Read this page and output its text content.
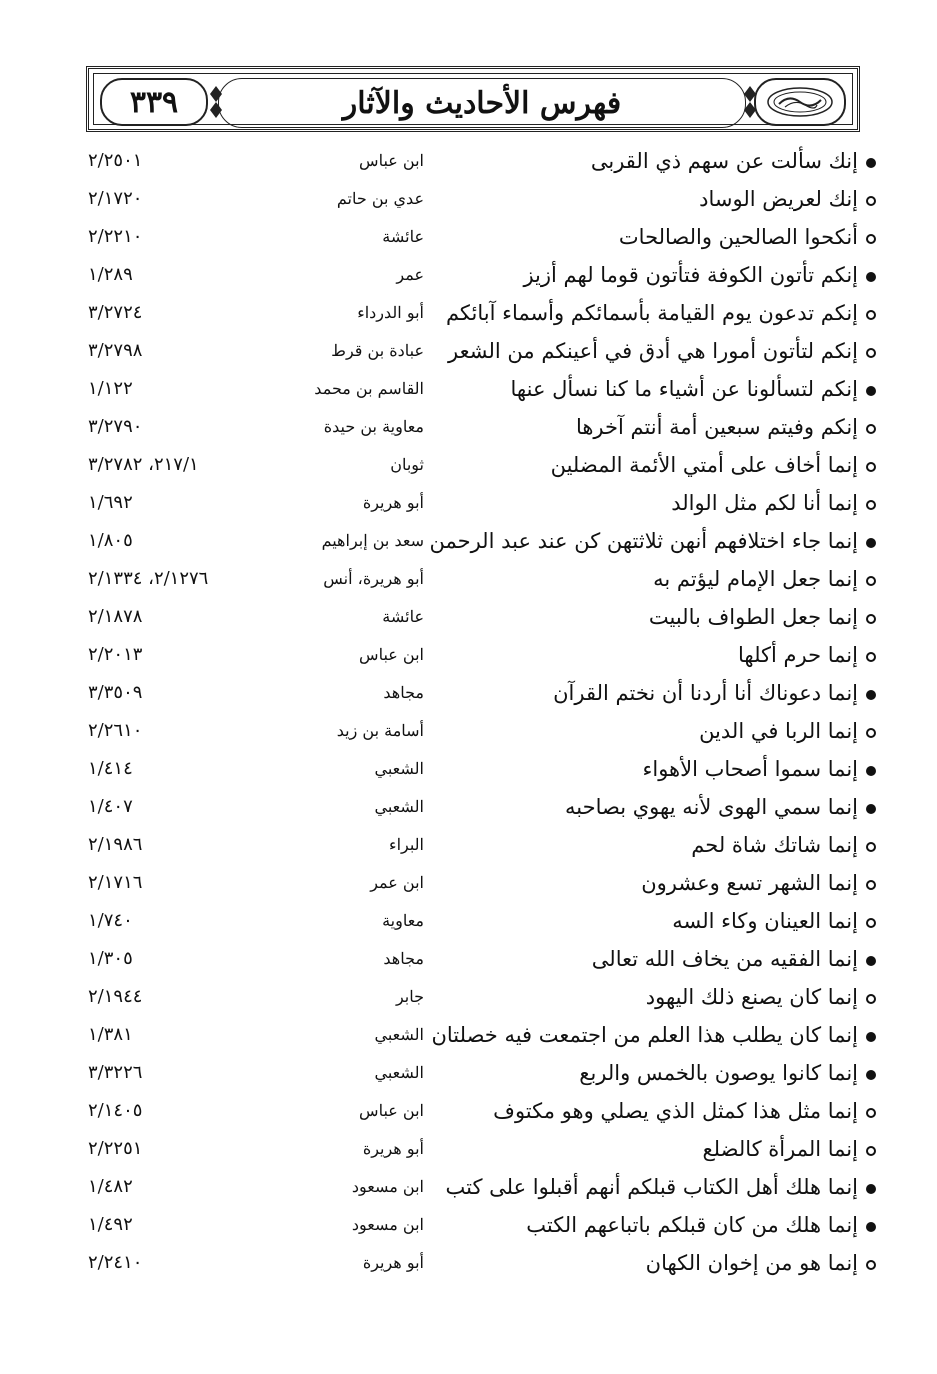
٣٣٩	فهرس الأحاديث والآثار
إنك سألت عن سهم ذي القربى
ابن عباس
٢/٢٥٠١
إنك لعريض الوساد
عدي بن حاتم
٢/١٧٢٠
أنكحوا الصالحين والصالحات
عائشة
٢/٢٢١٠
إنكم تأتون الكوفة فتأتون قوما لهم أزيز
عمر
١/٢٨٩
إنكم تدعون يوم القيامة بأسمائكم وأسماء آبائكم
أبو الدرداء
٣/٢٧٢٤
إنكم لتأتون أمورا هي أدق في أعينكم من الشعر
عبادة بن قرط
٣/٢٧٩٨
إنكم لتسألونا عن أشياء ما كنا نسأل عنها
القاسم بن محمد
١/١٢٢
إنكم وفيتم سبعين أمة أنتم آخرها
معاوية بن حيدة
٣/٢٧٩٠
إنما أخاف على أمتي الأئمة المضلين
ثوبان
٢١٧/١، ٣/٢٧٨٢
إنما أنا لكم مثل الوالد
أبو هريرة
١/٦٩٢
إنما جاء اختلافهم أنهن ثلاثتهن كن عند عبد الرحمن
سعد بن إبراهيم
١/٨٠٥
إنما جعل الإمام ليؤتم به
أبو هريرة، أنس
٢/١٢٧٦، ٢/١٣٣٤
إنما جعل الطواف بالبيت
عائشة
٢/١٨٧٨
إنما حرم أكلها
ابن عباس
٢/٢٠١٣
إنما دعوناك أنا أردنا أن نختم القرآن
مجاهد
٣/٣٥٠٩
إنما الربا في الدين
أسامة بن زيد
٢/٢٦١٠
إنما سموا أصحاب الأهواء
الشعبي
١/٤١٤
إنما سمي الهوى لأنه يهوي بصاحبه
الشعبي
١/٤٠٧
إنما شاتك شاة لحم
البراء
٢/١٩٨٦
إنما الشهر تسع وعشرون
ابن عمر
٢/١٧١٦
إنما العينان وكاء السه
معاوية
١/٧٤٠
إنما الفقيه من يخاف الله تعالى
مجاهد
١/٣٠٥
إنما كان يصنع ذلك اليهود
جابر
٢/١٩٤٤
إنما كان يطلب هذا العلم من اجتمعت فيه خصلتان
الشعبي
١/٣٨١
إنما كانوا يوصون بالخمس والربع
الشعبي
٣/٣٢٢٦
إنما مثل هذا كمثل الذي يصلي وهو مكتوف
ابن عباس
٢/١٤٠٥
إنما المرأة كالضلع
أبو هريرة
٢/٢٢٥١
إنما هلك أهل الكتاب قبلكم أنهم أقبلوا على كتب
ابن مسعود
١/٤٨٢
إنما هلك من كان قبلكم باتباعهم الكتب
ابن مسعود
١/٤٩٢
إنما هو من إخوان الكهان
أبو هريرة
٢/٢٤١٠
